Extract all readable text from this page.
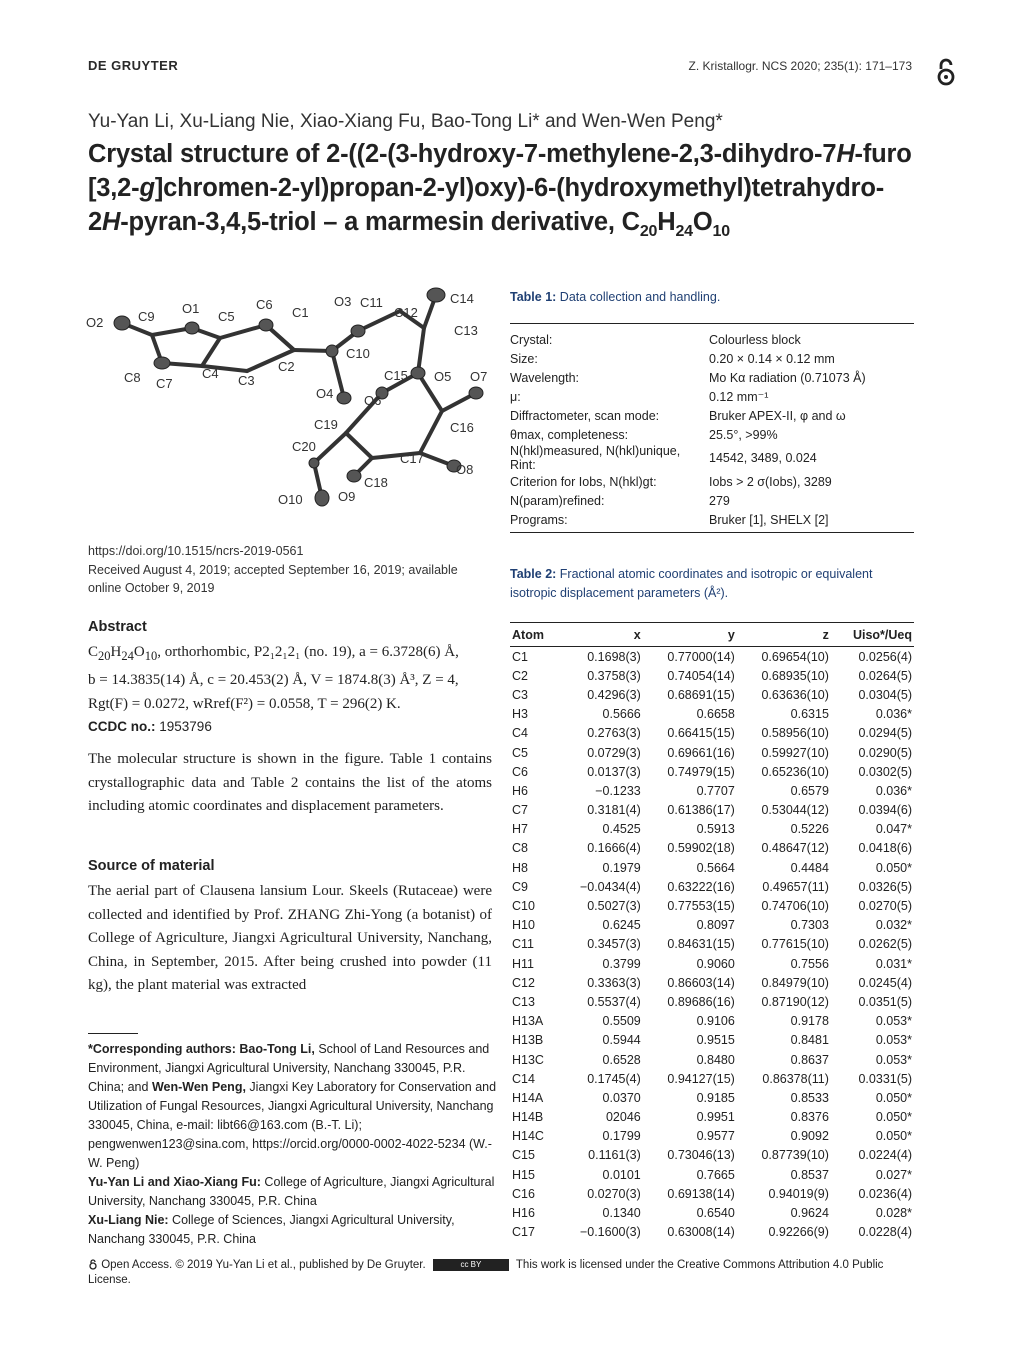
DE GRUYTER	Z. Kristallogr. NCS 2020; 235(1): 171–173
Yu-Yan Li, Xu-Liang Nie, Xiao-Xiang Fu, Bao-Tong Li* and Wen-Wen Peng*
Crystal structure of 2-((2-(3-hydroxy-7-methylene-2,3-dihydro-7H-furo [3,2-g]chromen-2-yl)propan-2-yl)oxy)-6-(hydroxymethyl)tetrahydro-2H-pyran-3,4,5-triol – a marmesin derivative, $C_{20}H_{24}O_{10}$
O2	C9
O1
C5
C6
C1
O3 C11
C12
C14
C13
C8 C7
C4 C3
C2
C10
O4
C15 O5 O7
O6
C19	C16
C20
C17
O8
C18
O10	O9
https://doi.org/10.1515/ncrs-2019-0561
Received August 4, 2019; accepted September 16, 2019; available online October 9, 2019
Abstract
$C_{20}H_{24}O_{10}$, orthorhombic, P2₁2₁2₁ (no. 19), a = 6.3728(6) Å,
b = 14.3835(14) Å, c = 20.453(2) Å, V = 1874.8(3) Å³, Z = 4,
Rgt(F) = 0.0272, wRref(F²) = 0.0558, T = 296(2) K.
CCDC no.: 1953796
The molecular structure is shown in the figure. Table 1 contains crystallographic data and Table 2 contains the list of the atoms including atomic coordinates and displacement parameters.
Source of material
The aerial part of Clausena lansium Lour. Skeels (Rutaceae) were collected and identified by Prof. ZHANG Zhi-Yong (a botanist) of College of Agriculture, Jiangxi Agricultural University, Nanchang, China, in September, 2015. After being crushed into powder (11 kg), the plant material was extracted
*Corresponding authors: Bao-Tong Li, School of Land Resources and Environment, Jiangxi Agricultural University, Nanchang 330045, P.R. China; and Wen-Wen Peng, Jiangxi Key Laboratory for Conservation and Utilization of Fungal Resources, Jiangxi Agricultural University, Nanchang 330045, China, e-mail: libt66@163.com (B.-T. Li); pengwenwen123@sina.com, https://orcid.org/0000-0002-4022-5234 (W.-W. Peng)
Yu-Yan Li and Xiao-Xiang Fu: College of Agriculture, Jiangxi Agricultural University, Nanchang 330045, P.R. China
Xu-Liang Nie: College of Sciences, Jiangxi Agricultural University, Nanchang 330045, P.R. China
Open Access. © 2019 Yu-Yan Li et al., published by De Gruyter.	cc BY	This work is licensed under the Creative Commons Attribution 4.0 Public License.
Table 1: Data collection and handling.
Crystal:	Colourless block
Size:	0.20 × 0.14 × 0.12 mm
Wavelength:	Mo Kα radiation (0.71073 Å)
μ:	0.12 mm⁻¹
Diffractometer, scan mode:	Bruker APEX-II, φ and ω
θmax, completeness:	25.5°, >99%
N(hkl)measured, N(hkl)unique, Rint:	14542, 3489, 0.024
Criterion for Iobs, N(hkl)gt:	Iobs > 2 σ(Iobs), 3289
N(param)refined:	279
Programs:	Bruker [1], SHELX [2]
Table 2: Fractional atomic coordinates and isotropic or equivalent isotropic displacement parameters (Å²).
Atom	x	y	z	Uiso*/Ueq
C1	0.1698(3)	0.77000(14)	0.69654(10)	0.0256(4)
C2	0.3758(3)	0.74054(14)	0.68935(10)	0.0264(5)
C3	0.4296(3)	0.68691(15)	0.63636(10)	0.0304(5)
H3	0.5666	0.6658	0.6315	0.036*
C4	0.2763(3)	0.66415(15)	0.58956(10)	0.0294(5)
C5	0.0729(3)	0.69661(16)	0.59927(10)	0.0290(5)
C6	0.0137(3)	0.74979(15)	0.65236(10)	0.0302(5)
H6	−0.1233	0.7707	0.6579	0.036*
C7	0.3181(4)	0.61386(17)	0.53044(12)	0.0394(6)
H7	0.4525	0.5913	0.5226	0.047*
C8	0.1666(4)	0.59902(18)	0.48647(12)	0.0418(6)
H8	0.1979	0.5664	0.4484	0.050*
C9	−0.0434(4)	0.63222(16)	0.49657(11)	0.0326(5)
C10	0.5027(3)	0.77553(15)	0.74706(10)	0.0270(5)
H10	0.6245	0.8097	0.7303	0.032*
C11	0.3457(3)	0.84631(15)	0.77615(10)	0.0262(5)
H11	0.3799	0.9060	0.7556	0.031*
C12	0.3363(3)	0.86603(14)	0.84979(10)	0.0245(4)
C13	0.5537(4)	0.89686(16)	0.87190(12)	0.0351(5)
H13A	0.5509	0.9106	0.9178	0.053*
H13B	0.5944	0.9515	0.8481	0.053*
H13C	0.6528	0.8480	0.8637	0.053*
C14	0.1745(4)	0.94127(15)	0.86378(11)	0.0331(5)
H14A	0.0370	0.9185	0.8533	0.050*
H14B	02046	0.9951	0.8376	0.050*
H14C	0.1799	0.9577	0.9092	0.050*
C15	0.1161(3)	0.73046(13)	0.87739(10)	0.0224(4)
H15	0.0101	0.7665	0.8537	0.027*
C16	0.0270(3)	0.69138(14)	0.94019(9)	0.0236(4)
H16	0.1340	0.6540	0.9624	0.028*
C17	−0.1600(3)	0.63008(14)	0.92266(9)	0.0228(4)
